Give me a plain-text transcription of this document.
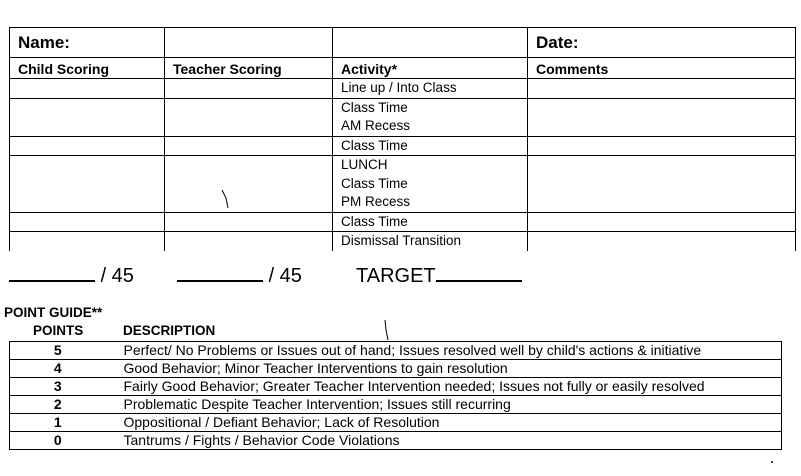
Name:			Date:
Child Scoring	Teacher Scoring	Activity*	Comments

		Line up / Into Class	

		Class Time
AM Recess	

		Class Time	

		LUNCH
Class Time
PM Recess	

		Class Time	

		Dismissal Transition	

/ 45	/ 45	TARGET
POINT GUIDE**
POINTS	DESCRIPTION
5	Perfect/ No Problems or Issues out of hand; Issues resolved well by child's actions & initiative
4	Good Behavior; Minor Teacher Interventions to gain resolution
3	Fairly Good Behavior; Greater Teacher Intervention needed; Issues not fully or easily resolved
2	Problematic Despite Teacher Intervention; Issues still recurring
1	Oppositional / Defiant Behavior; Lack of Resolution
0	Tantrums / Fights / Behavior Code Violations
